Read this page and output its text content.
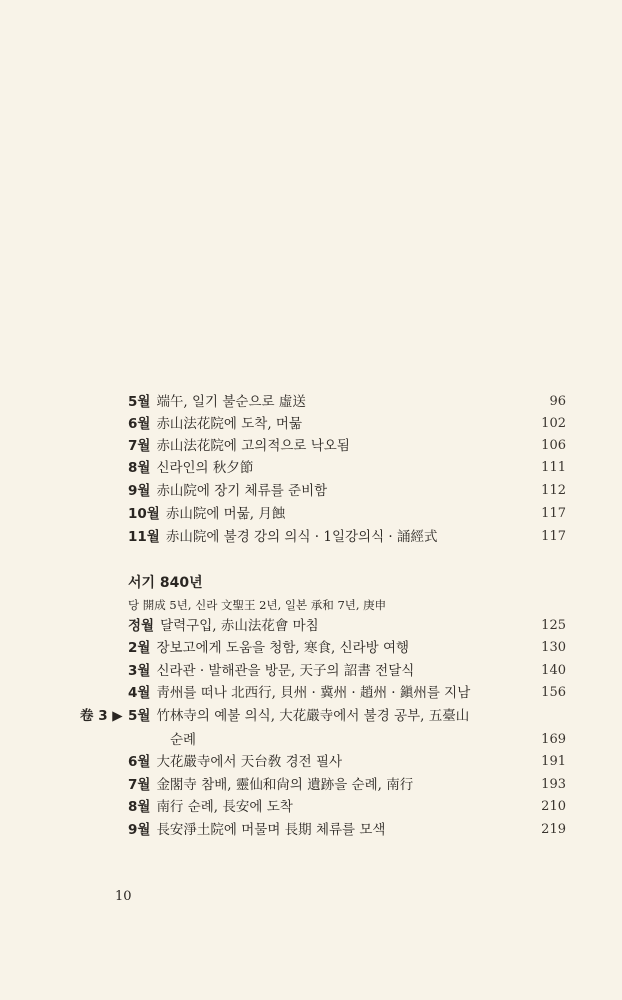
5월 端午, 일기 불순으로 虛送	96
6월 赤山法花院에 도착, 머묾	102
7월 赤山法花院에 고의적으로 낙오됨	106
8월 신라인의 秋夕節	111
9월 赤山院에 장기 체류를 준비함	112
10월 赤山院에 머묾, 月蝕	117
11월 赤山院에 불경 강의 의식 · 1일강의식 · 誦經式	117
서기 840년
당 開成 5년, 신라 文聖王 2년, 일본 承和 7년, 庚申
정월 달력구입, 赤山法花會 마침	125
2월 장보고에게 도움을 청함, 寒食, 신라방 여행	130
3월 신라관 · 발해관을 방문, 天子의 詔書 전달식	140
4월 靑州를 떠나 北西行, 貝州 · 冀州 · 趙州 · 鎭州를 지남	156
卷 3 ▶ 5월 竹林寺의 예불 의식, 大花嚴寺에서 불경 공부, 五臺山
순례	169
6월 大花嚴寺에서 天台敎 경전 필사	191
7월 金閣寺 참배, 靈仙和尙의 遺跡을 순례, 南行	193
8월 南行 순례, 長安에 도착	210
9월 長安淨土院에 머물며 長期 체류를 모색	219
10
